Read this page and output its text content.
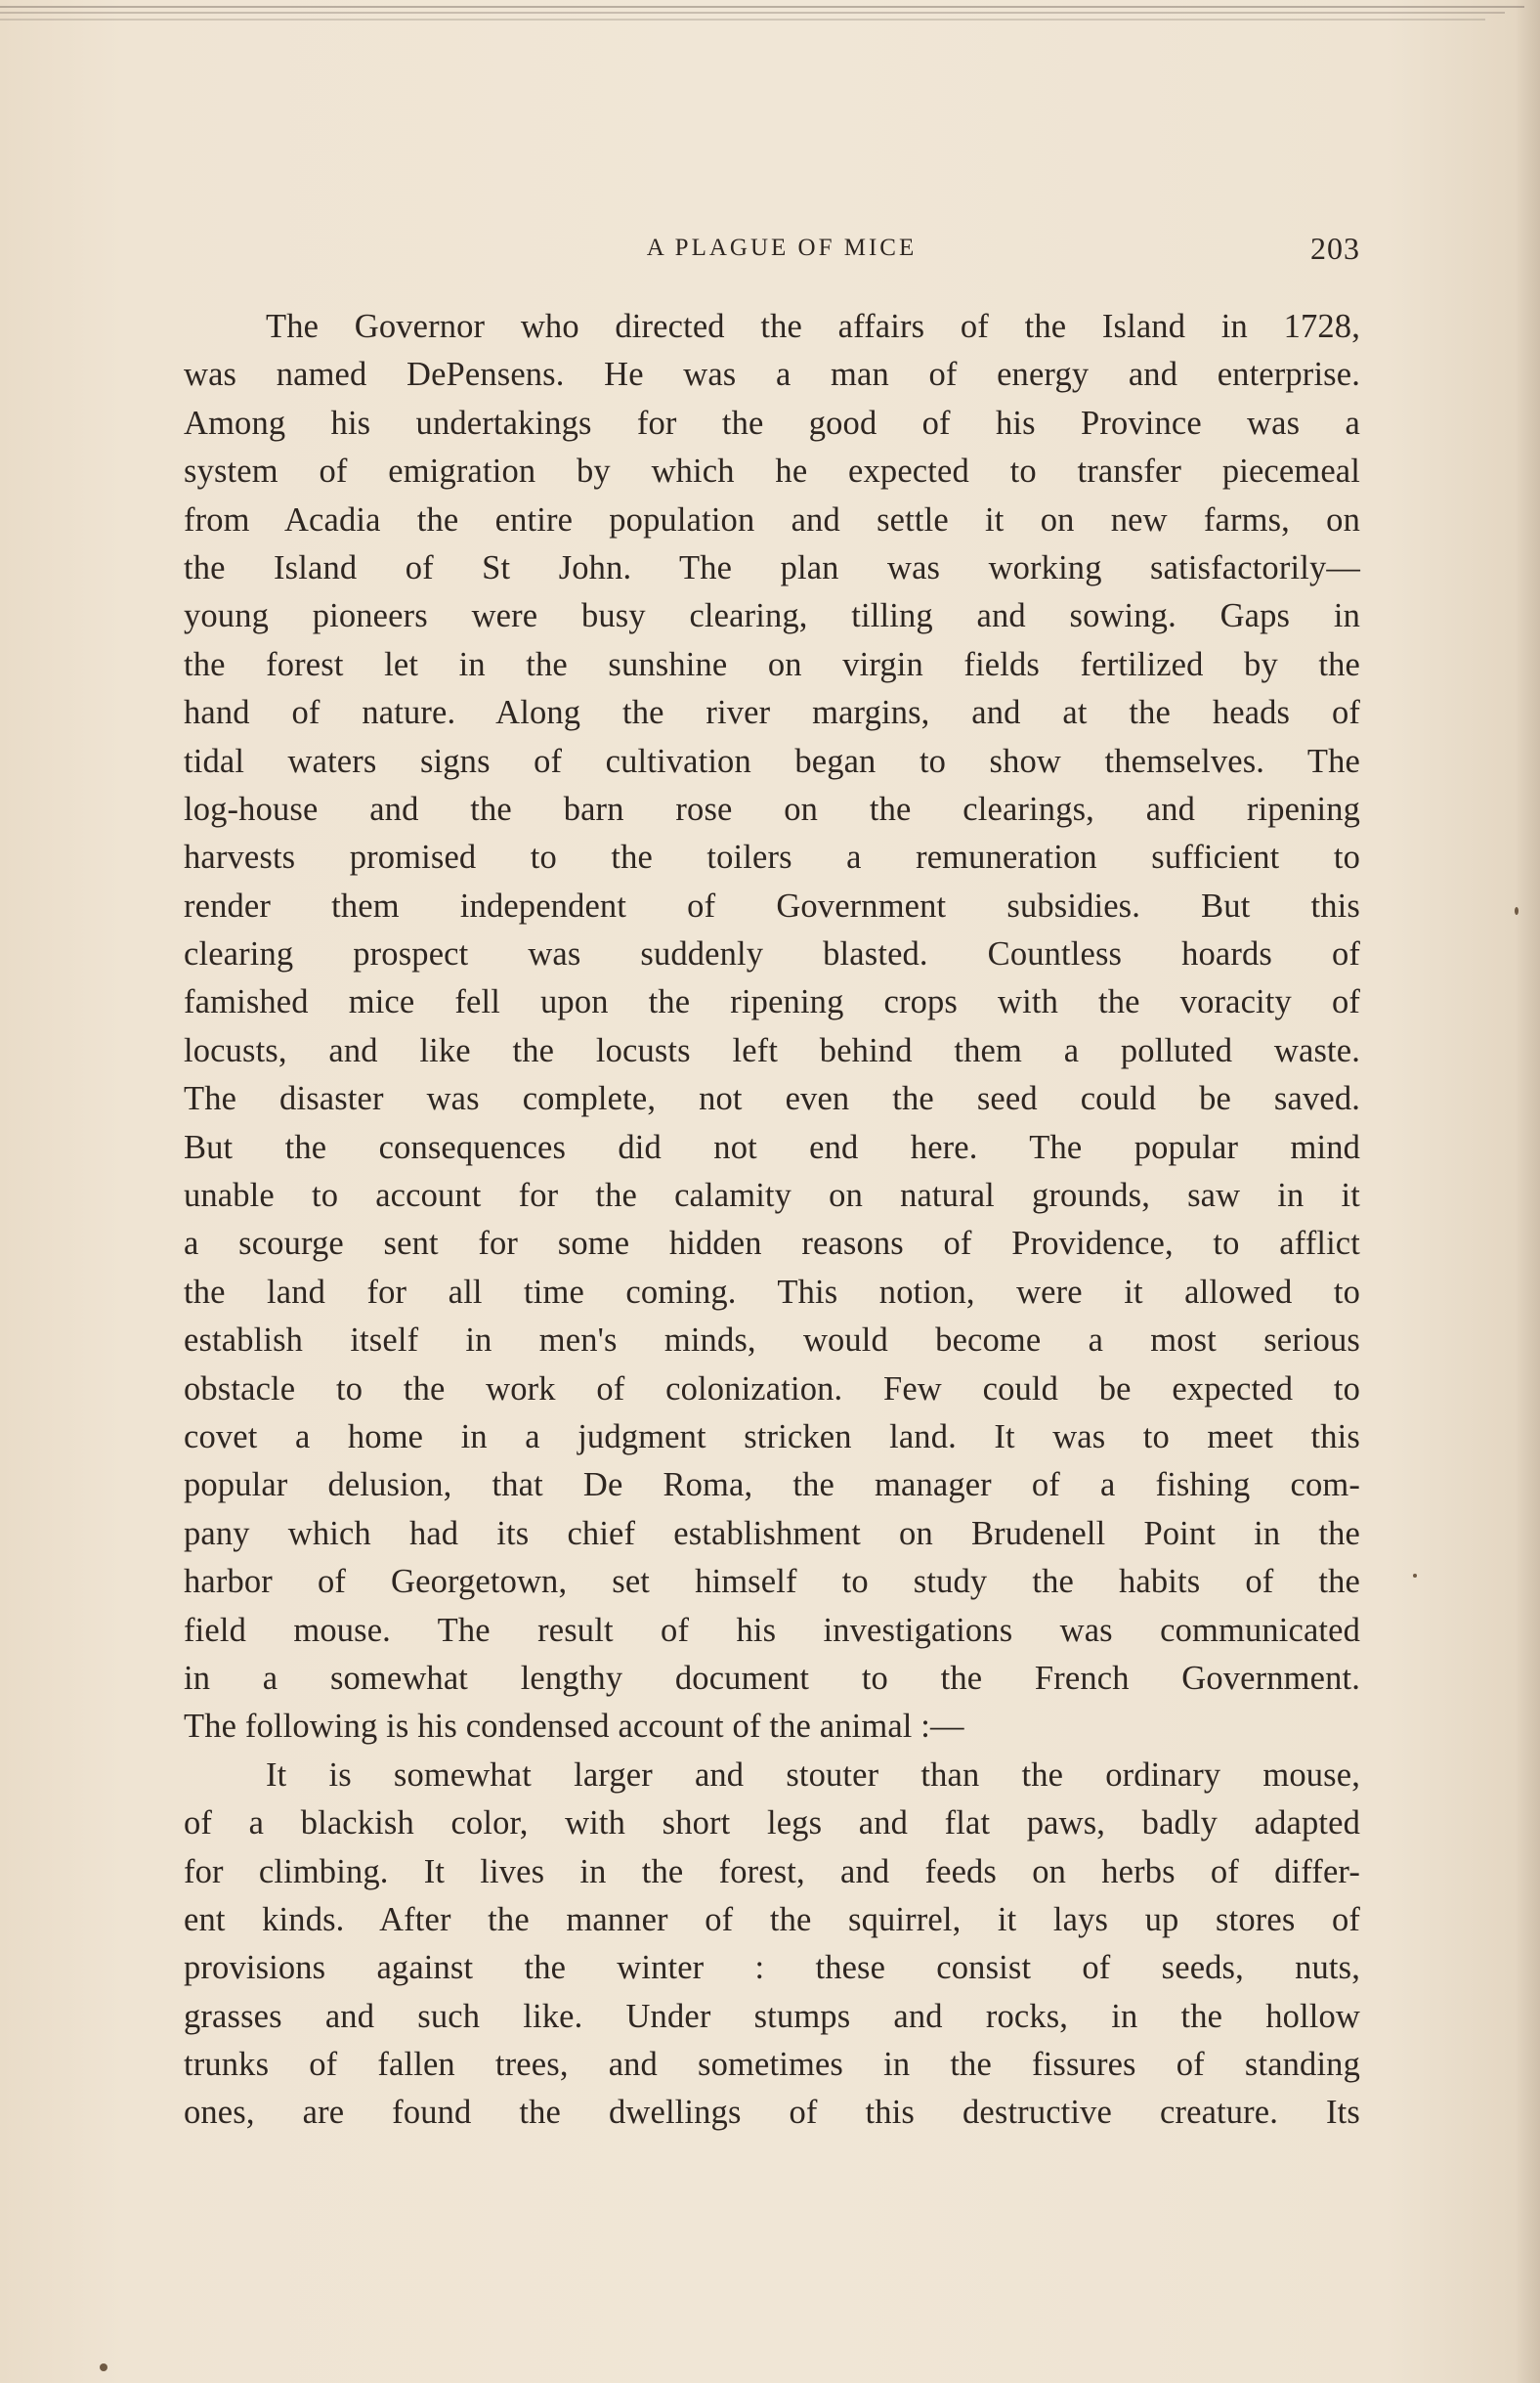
A PLAGUE OF MICE	203
The Governor who directed the affairs of the Island in 1728,
was named DePensens. He was a man of energy and enterprise.
Among his undertakings for the good of his Province was a
system of emigration by which he expected to transfer piecemeal
from Acadia the entire population and settle it on new farms, on
the Island of St John. The plan was working satisfactorily—
young pioneers were busy clearing, tilling and sowing. Gaps in
the forest let in the sunshine on virgin fields fertilized by the
hand of nature. Along the river margins, and at the heads of
tidal waters signs of cultivation began to show themselves. The
log-house and the barn rose on the clearings, and ripening
harvests promised to the toilers a remuneration sufficient to
render them independent of Government subsidies. But this
clearing prospect was suddenly blasted. Countless hoards of
famished mice fell upon the ripening crops with the voracity of
locusts, and like the locusts left behind them a polluted waste.
The disaster was complete, not even the seed could be saved.
But the consequences did not end here. The popular mind
unable to account for the calamity on natural grounds, saw in it
a scourge sent for some hidden reasons of Providence, to afflict
the land for all time coming. This notion, were it allowed to
establish itself in men's minds, would become a most serious
obstacle to the work of colonization. Few could be expected to
covet a home in a judgment stricken land. It was to meet this
popular delusion, that De Roma, the manager of a fishing com-
pany which had its chief establishment on Brudenell Point in the
harbor of Georgetown, set himself to study the habits of the
field mouse. The result of his investigations was communicated
in a somewhat lengthy document to the French Government.
The following is his condensed account of the animal :—
It is somewhat larger and stouter than the ordinary mouse,
of a blackish color, with short legs and flat paws, badly adapted
for climbing. It lives in the forest, and feeds on herbs of differ-
ent kinds. After the manner of the squirrel, it lays up stores of
provisions against the winter : these consist of seeds, nuts,
grasses and such like. Under stumps and rocks, in the hollow
trunks of fallen trees, and sometimes in the fissures of standing
ones, are found the dwellings of this destructive creature. Its
